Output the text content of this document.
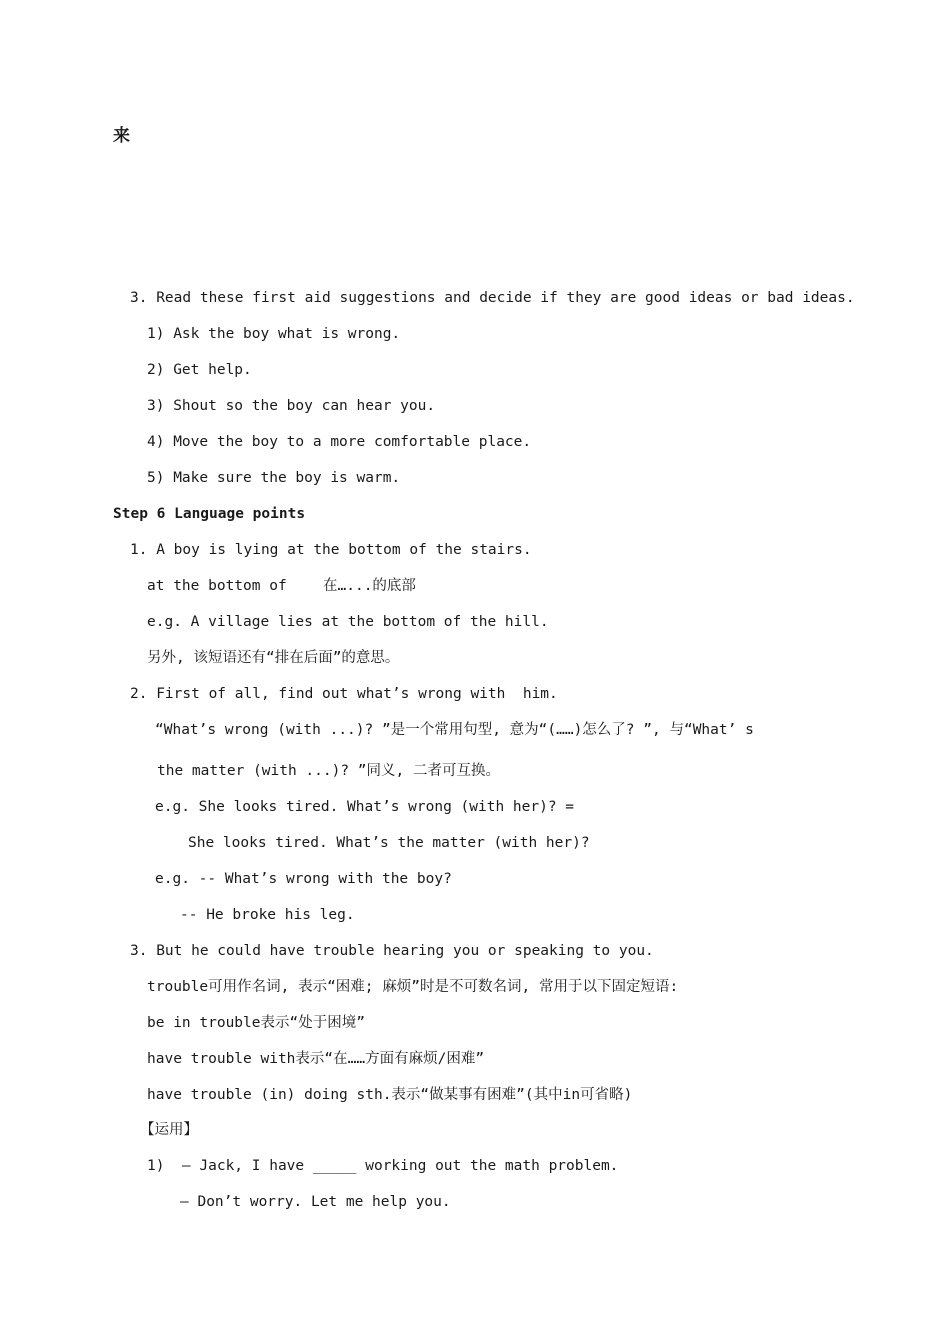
来
3. Read these first aid suggestions and decide if they are good ideas or bad ideas.
1) Ask the boy what is wrong.
2) Get help.
3) Shout so the boy can hear you.
4) Move the boy to a more comfortable place.
5) Make sure the boy is warm.
Step 6 Language points
1. A boy is lying at the bottom of the stairs.
at the bottom of	在…...的底部
e.g. A village lies at the bottom of the hill.
另外, 该短语还有“排在后面”的意思。
2. First of all, find out what’s wrong with  him.
“What’s wrong (with ...)? ”是一个常用句型, 意为“(……)怎么了? ”, 与“What’ s
the matter (with ...)? ”同义, 二者可互换。
e.g. She looks tired. What’s wrong (with her)? =
She looks tired. What’s the matter (with her)?
e.g. -- What’s wrong with the boy?
-- He broke his leg.
3. But he could have trouble hearing you or speaking to you.
trouble可用作名词, 表示“困难; 麻烦”时是不可数名词, 常用于以下固定短语:
be in trouble表示“处于困境”
have trouble with表示“在……方面有麻烦/困难”
have trouble (in) doing sth.表示“做某事有困难”(其中in可省略)
【运用】
1)  — Jack, I have _____ working out the math problem.
— Don’t worry. Let me help you.
